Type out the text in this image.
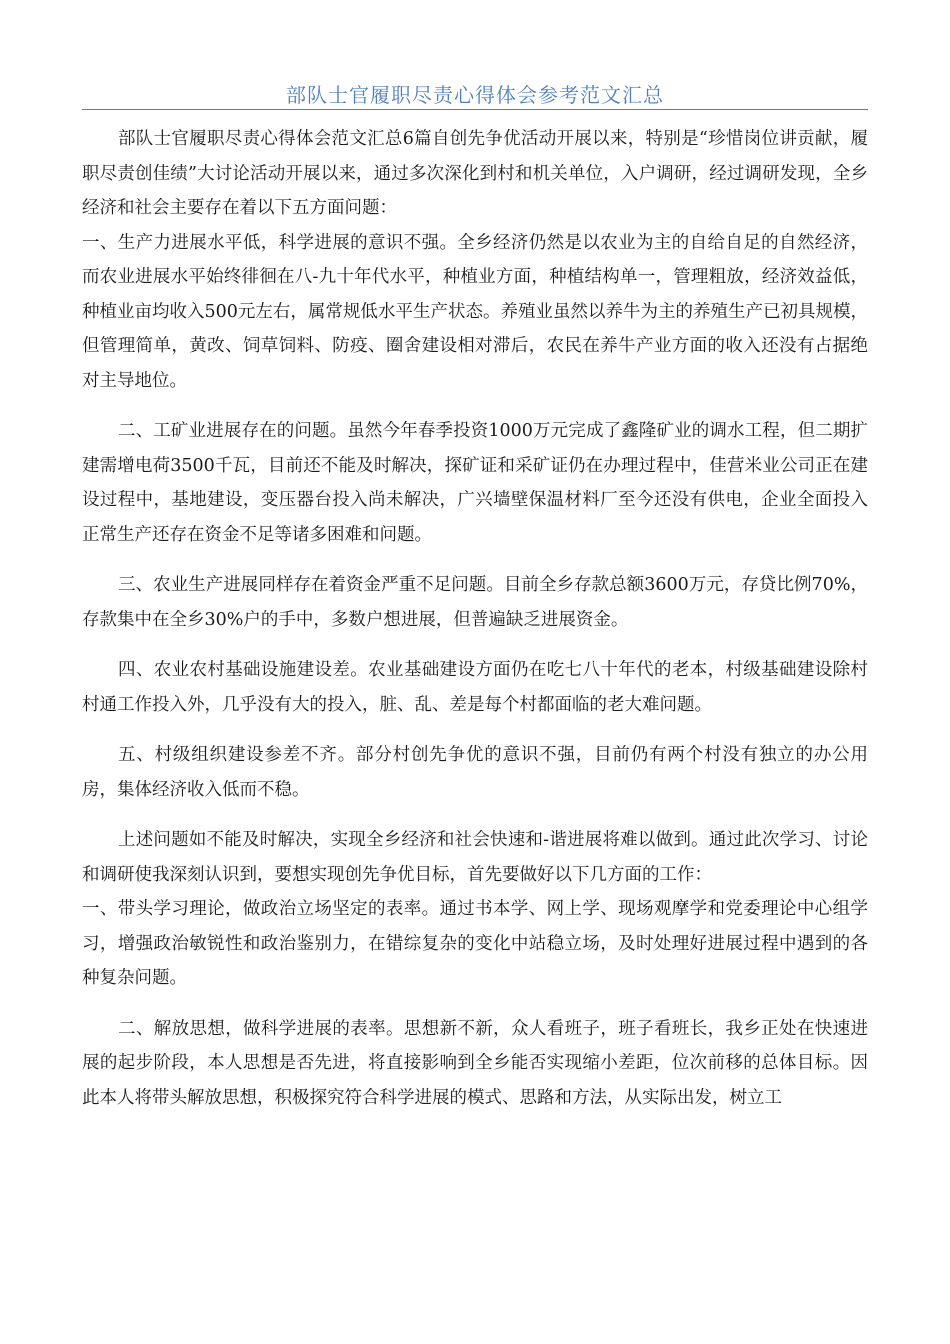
部队士官履职尽责心得体会参考范文汇总

部队士官履职尽责心得体会范文汇总6篇自创先争优活动开展以来，特别是“珍惜岗位讲贡献，履职尽责创佳绩”大讨论活动开展以来，通过多次深化到村和机关单位，入户调研，经过调研发现，全乡经济和社会主要存在着以下五方面问题：

一、生产力进展水平低，科学进展的意识不强。全乡经济仍然是以农业为主的自给自足的自然经济，而农业进展水平始终徘徊在八-九十年代水平，种植业方面，种植结构单一，管理粗放，经济效益低，种植业亩均收入500元左右，属常规低水平生产状态。养殖业虽然以养牛为主的养殖生产已初具规模，但管理简单，黄改、饲草饲料、防疫、圈舍建设相对滞后，农民在养牛产业方面的收入还没有占据绝对主导地位。

二、工矿业进展存在的问题。虽然今年春季投资1000万元完成了鑫隆矿业的调水工程，但二期扩建需增电荷3500千瓦，目前还不能及时解决，探矿证和采矿证仍在办理过程中，佳营米业公司正在建设过程中，基地建设，变压器台投入尚未解决，广兴墙壁保温材料厂至今还没有供电，企业全面投入正常生产还存在资金不足等诸多困难和问题。

三、农业生产进展同样存在着资金严重不足问题。目前全乡存款总额3600万元，存贷比例70%，存款集中在全乡30%户的手中，多数户想进展，但普遍缺乏进展资金。

四、农业农村基础设施建设差。农业基础建设方面仍在吃七八十年代的老本，村级基础建设除村村通工作投入外，几乎没有大的投入，脏、乱、差是每个村都面临的老大难问题。

五、村级组织建设参差不齐。部分村创先争优的意识不强，目前仍有两个村没有独立的办公用房，集体经济收入低而不稳。

上述问题如不能及时解决，实现全乡经济和社会快速和-谐进展将难以做到。通过此次学习、讨论和调研使我深刻认识到，要想实现创先争优目标，首先要做好以下几方面的工作：

一、带头学习理论，做政治立场坚定的表率。通过书本学、网上学、现场观摩学和党委理论中心组学习，增强政治敏锐性和政治鉴别力，在错综复杂的变化中站稳立场，及时处理好进展过程中遇到的各种复杂问题。

二、解放思想，做科学进展的表率。思想新不新，众人看班子，班子看班长，我乡正处在快速进展的起步阶段，本人思想是否先进，将直接影响到全乡能否实现缩小差距，位次前移的总体目标。因此本人将带头解放思想，积极探究符合科学进展的模式、思路和方法，从实际出发，树立工
